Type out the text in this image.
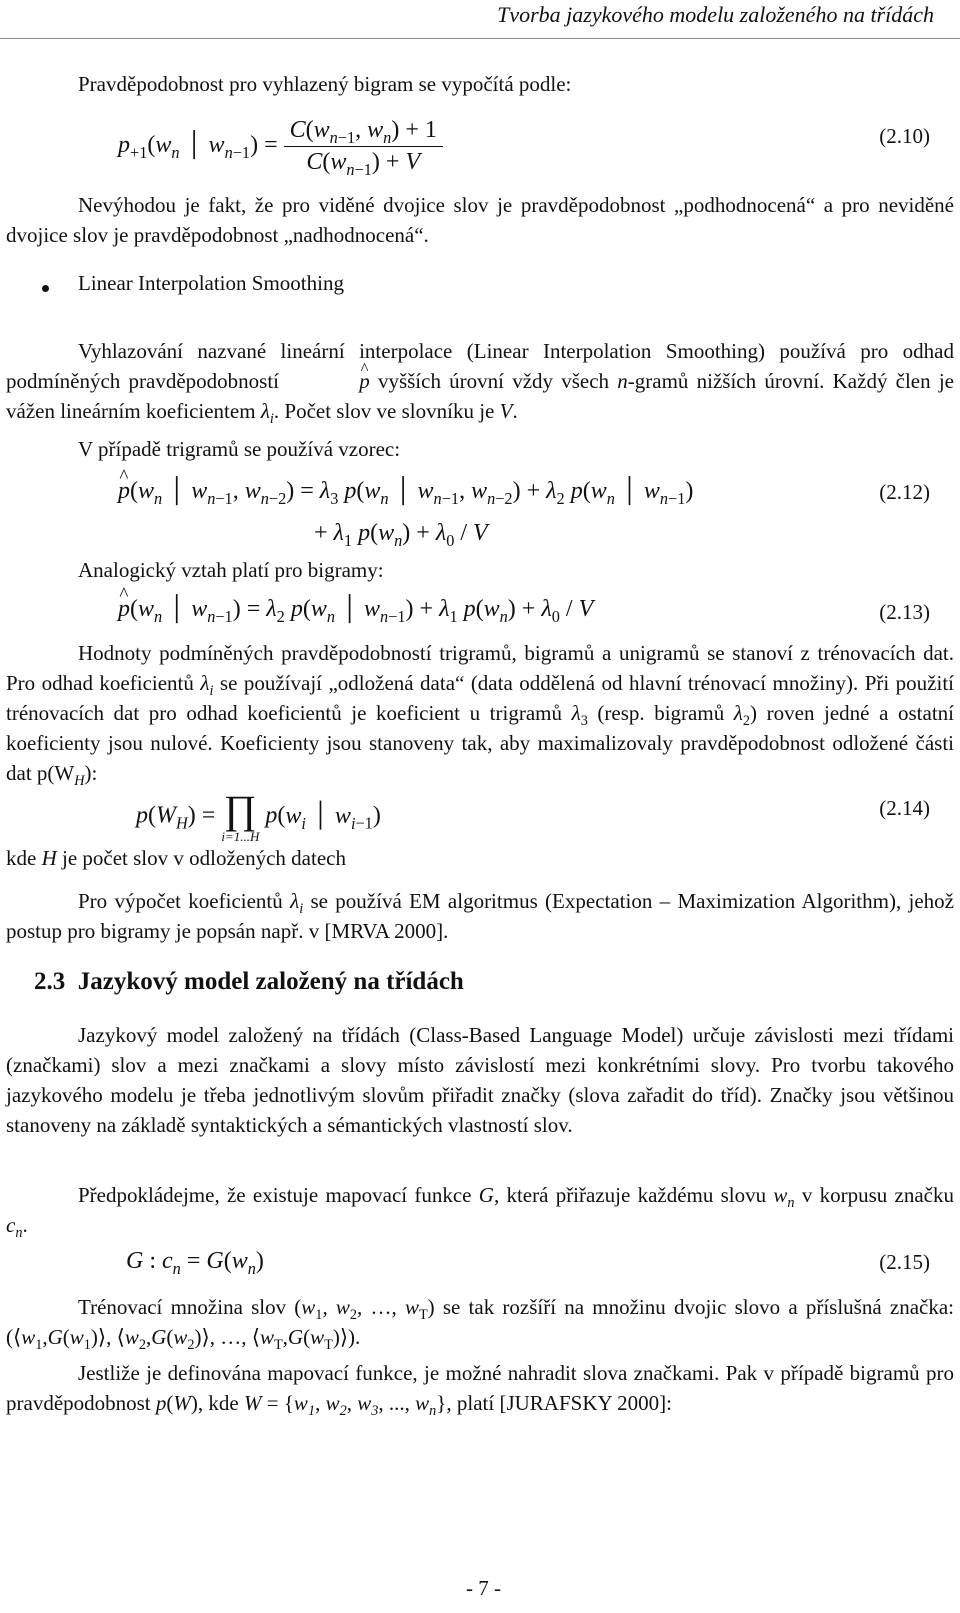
Tvorba jazykového modelu založeného na třídách
Pravděpodobnost pro vyhlazený bigram se vypočítá podle:
$p_{+1}(w_n$ │ $w_{n-1}) = \frac{C(w_{n-1}, w_n) + 1}{C(w_{n-1}) + V}$	(2.10)
Nevýhodou je fakt, že pro viděné dvojice slov je pravděpodobnost „podhodnocená“ a pro neviděné dvojice slov je pravděpodobnost „nadhodnocená“.
Linear Interpolation Smoothing
Vyhlazování nazvané lineární interpolace (Linear Interpolation Smoothing) používá pro odhad podmíněných pravděpodobností ^	p vyšších úrovní vždy všech n-gramů nižších úrovní. Každý člen je vážen lineárním koeficientem $\lambda_i$. Počet slov ve slovníku je V.
V případě trigramů se používá vzorec:
^ $p(w_n$ │ $w_{n-1}$, $w_{n-2}) = \lambda_3$ $p(w_n$ │ $w_{n-1}$, $w_{n-2}) + \lambda_2$ $p(w_n$ │ $w_{n-1}$)	(2.12)
+ $\lambda_1$ $p(w_n) + \lambda_0 / V$
Analogický vztah platí pro bigramy:
^ $p(w_n$ │ $w_{n-1}) = \lambda_2$ $p(w_n$ │ $w_{n-1}) + \lambda_1$ $p(w_n) + \lambda_0 / V$	(2.13)
Hodnoty podmíněných pravděpodobností trigramů, bigramů a unigramů se stanoví z trénovacích dat. Pro odhad koeficientů $\lambda_i$ se používají „odložená data“ (data oddělená od hlavní trénovací množiny). Při použití trénovacích dat pro odhad koeficientů je koeficient u trigramů $\lambda_3$ (resp. bigramů $\lambda_2$) roven jedné a ostatní koeficienty jsou nulové. Koeficienty jsou stanoveny tak, aby maximalizovaly pravděpodobnost odložené části dat $p(W_H)$:
$p(W_H)$ = ∏
i=1...H
$p(w_i$ │ $w_{i-1}$)	(2.14)
kde H je počet slov v odložených datech
Pro výpočet koeficientů $\lambda_i$ se používá EM algoritmus (Expectation – Maximization Algorithm), jehož postup pro bigramy je popsán např. v [MRVA 2000].
2.3 Jazykový model založený na třídách
Jazykový model založený na třídách (Class-Based Language Model) určuje závislosti mezi třídami (značkami) slov a mezi značkami a slovy místo závislostí mezi konkrétními slovy. Pro tvorbu takového jazykového modelu je třeba jednotlivým slovům přiřadit značky (slova zařadit do tříd). Značky jsou většinou stanoveny na základě syntaktických a sémantických vlastností slov.
Předpokládejme, že existuje mapovací funkce G, která přiřazuje každému slovu $w_n$ v korpusu značku $c_n$.
G : $c_n = G(w_n)$	(2.15)
Trénovací množina slov ($w_1$, $w_2$, …, $w_T$) se tak rozšíří na množinu dvojic slovo a příslušná značka: ($⟨w_1,G(w_1)⟩$, $⟨w_2,G(w_2)⟩$, …, $⟨w_T,G(w_T)⟩$).
Jestliže je definována mapovací funkce, je možné nahradit slova značkami. Pak v případě bigramů pro pravděpodobnost p(W), kde $W = \{w_1$, $w_2$, $w_3$, ..., $w_n$}, platí [JURAFSKY 2000]:
- 7 -
